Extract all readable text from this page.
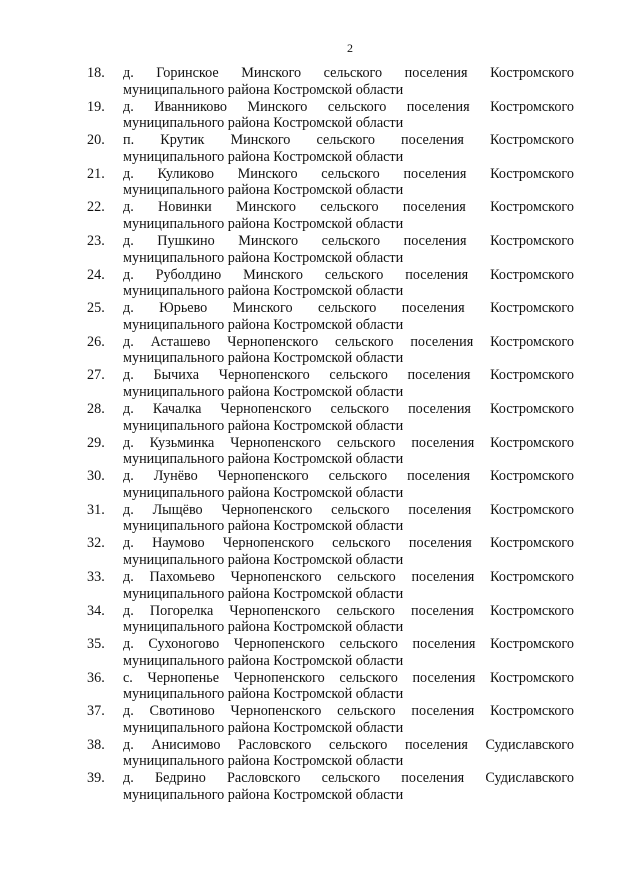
2
18. д. Горинское Минского сельского поселения Костромского
муниципального района Костромской области
19. д. Иванниково Минского сельского поселения Костромского
муниципального района Костромской области
20. п. Крутик Минского сельского поселения Костромского
муниципального района Костромской области
21. д. Куликово Минского сельского поселения Костромского
муниципального района Костромской области
22. д. Новинки Минского сельского поселения Костромского
муниципального района Костромской области
23. д. Пушкино Минского сельского поселения Костромского
муниципального района Костромской области
24. д. Руболдино Минского сельского поселения Костромского
муниципального района Костромской области
25. д. Юрьево Минского сельского поселения Костромского
муниципального района Костромской области
26. д. Асташево Чернопенского сельского поселения Костромского
муниципального района Костромской области
27. д. Бычиха Чернопенского сельского поселения Костромского
муниципального района Костромской области
28. д. Качалка Чернопенского сельского поселения Костромского
муниципального района Костромской области
29. д. Кузьминка Чернопенского сельского поселения Костромского
муниципального района Костромской области
30. д. Лунёво Чернопенского сельского поселения Костромского
муниципального района Костромской области
31. д. Лыщёво Чернопенского сельского поселения Костромского
муниципального района Костромской области
32. д. Наумово Чернопенского сельского поселения Костромского
муниципального района Костромской области
33. д. Пахомьево Чернопенского сельского поселения Костромского
муниципального района Костромской области
34. д. Погорелка Чернопенского сельского поселения Костромского
муниципального района Костромской области
35. д. Сухоногово Чернопенского сельского поселения Костромского
муниципального района Костромской области
36. с. Чернопенье Чернопенского сельского поселения Костромского
муниципального района Костромской области
37. д. Свотиново Чернопенского сельского поселения Костромского
муниципального района Костромской области
38. д. Анисимово Расловского сельского поселения Судиславского
муниципального района Костромской области
39. д. Бедрино Расловского сельского поселения Судиславского
муниципального района Костромской области
